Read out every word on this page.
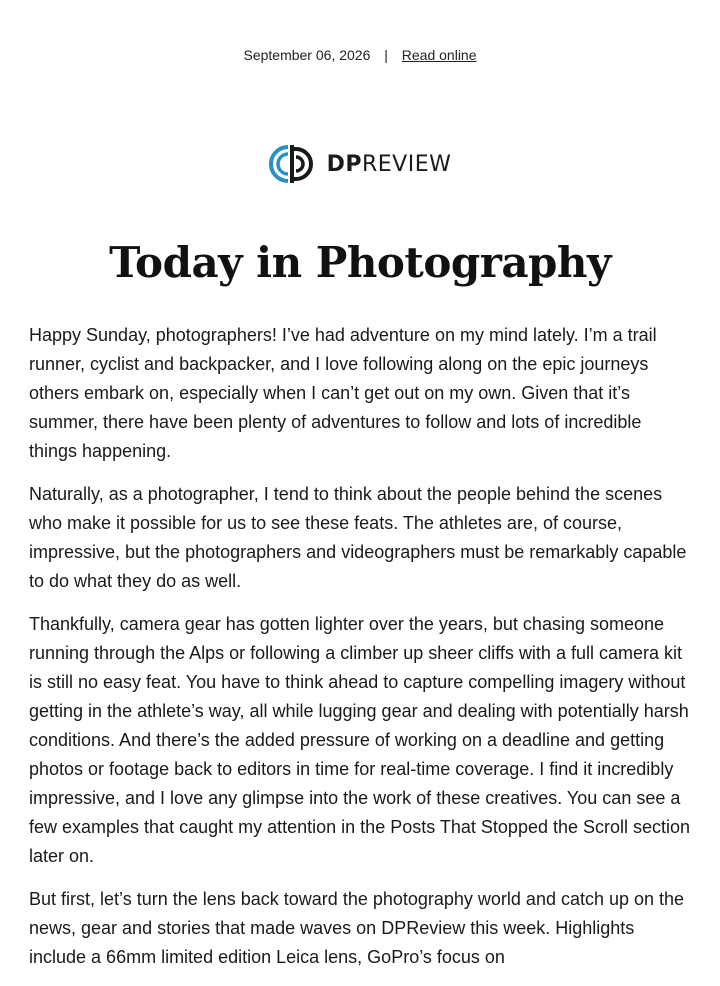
September 06, 2026 | Read online
DPREVIEW
Today in Photography

Happy Sunday, photographers! I’ve had adventure on my mind lately. I’m a trail runner, cyclist and backpacker, and I love following along on the epic journeys others embark on, especially when I can’t get out on my own. Given that it’s summer, there have been plenty of adventures to follow and lots of incredible things happening.

Naturally, as a photographer, I tend to think about the people behind the scenes who make it possible for us to see these feats. The athletes are, of course, impressive, but the photographers and videographers must be remarkably capable to do what they do as well.

Thankfully, camera gear has gotten lighter over the years, but chasing someone running through the Alps or following a climber up sheer cliffs with a full camera kit is still no easy feat. You have to think ahead to capture compelling imagery without getting in the athlete’s way, all while lugging gear and dealing with potentially harsh conditions. And there’s the added pressure of working on a deadline and getting photos or footage back to editors in time for real-time coverage. I find it incredibly impressive, and I love any glimpse into the work of these creatives. You can see a few examples that caught my attention in the Posts That Stopped the Scroll section later on.

But first, let’s turn the lens back toward the photography world and catch up on the news, gear and stories that made waves on DPReview this week. Highlights include a 66mm limited edition Leica lens, GoPro’s focus on
